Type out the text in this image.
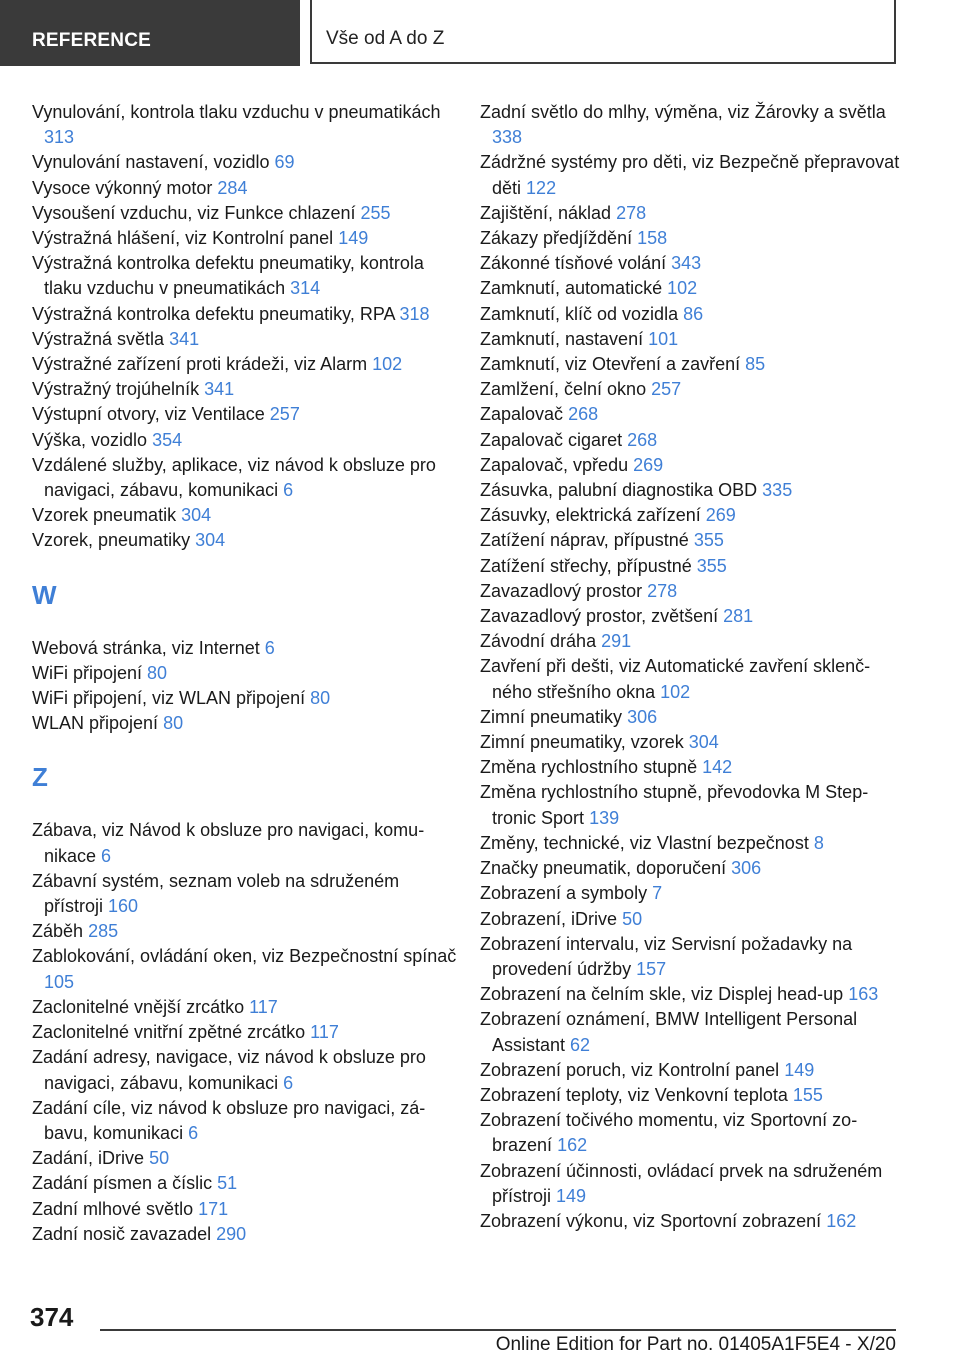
REFERENCE	Vše od A do Z
Vynulování, kontrola tlaku vzduchu v pneumatikách 313
Vynulování nastavení, vozidlo 69
Vysoce výkonný motor 284
Vysoušení vzduchu, viz Funkce chlazení 255
Výstražná hlášení, viz Kontrolní panel 149
Výstražná kontrolka defektu pneumatiky, kontrola tlaku vzduchu v pneumatikách 314
Výstražná kontrolka defektu pneumatiky, RPA 318
Výstražná světla 341
Výstražné zařízení proti krádeži, viz Alarm 102
Výstražný trojúhelník 341
Výstupní otvory, viz Ventilace 257
Výška, vozidlo 354
Vzdálené služby, aplikace, viz návod k obsluze pro navigaci, zábavu, komunikaci 6
Vzorek pneumatik 304
Vzorek, pneumatiky 304
W
Webová stránka, viz Internet 6
WiFi připojení 80
WiFi připojení, viz WLAN připojení 80
WLAN připojení 80
Z
Zábava, viz Návod k obsluze pro navigaci, komunikace 6
Zábavní systém, seznam voleb na sdruženém přístroji 160
Záběh 285
Zablokování, ovládání oken, viz Bezpečnostní spínač 105
Zaclonitelné vnější zrcátko 117
Zaclonitelné vnitřní zpětné zrcátko 117
Zadání adresy, navigace, viz návod k obsluze pro navigaci, zábavu, komunikaci 6
Zadání cíle, viz návod k obsluze pro navigaci, zábavu, komunikaci 6
Zadání, iDrive 50
Zadání písmen a číslic 51
Zadní mlhové světlo 171
Zadní nosič zavazadel 290
Zadní světlo do mlhy, výměna, viz Žárovky a světla 338
Zádržné systémy pro děti, viz Bezpečně přepravovat děti 122
Zajištění, náklad 278
Zákazy předjíždění 158
Zákonné tísňové volání 343
Zamknutí, automatické 102
Zamknutí, klíč od vozidla 86
Zamknutí, nastavení 101
Zamknutí, viz Otevření a zavření 85
Zamlžení, čelní okno 257
Zapalovač 268
Zapalovač cigaret 268
Zapalovač, vpředu 269
Zásuvka, palubní diagnostika OBD 335
Zásuvky, elektrická zařízení 269
Zatížení náprav, přípustné 355
Zatížení střechy, přípustné 355
Zavazadlový prostor 278
Zavazadlový prostor, zvětšení 281
Závodní dráha 291
Zavření při dešti, viz Automatické zavření sklenčného střešního okna 102
Zimní pneumatiky 306
Zimní pneumatiky, vzorek 304
Změna rychlostního stupně 142
Změna rychlostního stupně, převodovka M Steptronic Sport 139
Změny, technické, viz Vlastní bezpečnost 8
Značky pneumatik, doporučení 306
Zobrazení a symboly 7
Zobrazení, iDrive 50
Zobrazení intervalu, viz Servisní požadavky na provedení údržby 157
Zobrazení na čelním skle, viz Displej head-up 163
Zobrazení oznámení, BMW Intelligent Personal Assistant 62
Zobrazení poruch, viz Kontrolní panel 149
Zobrazení teploty, viz Venkovní teplota 155
Zobrazení točivého momentu, viz Sportovní zobrazení 162
Zobrazení účinnosti, ovládací prvek na sdruženém přístroji 149
Zobrazení výkonu, viz Sportovní zobrazení 162
374
Online Edition for Part no. 01405A1F5E4 - X/20
